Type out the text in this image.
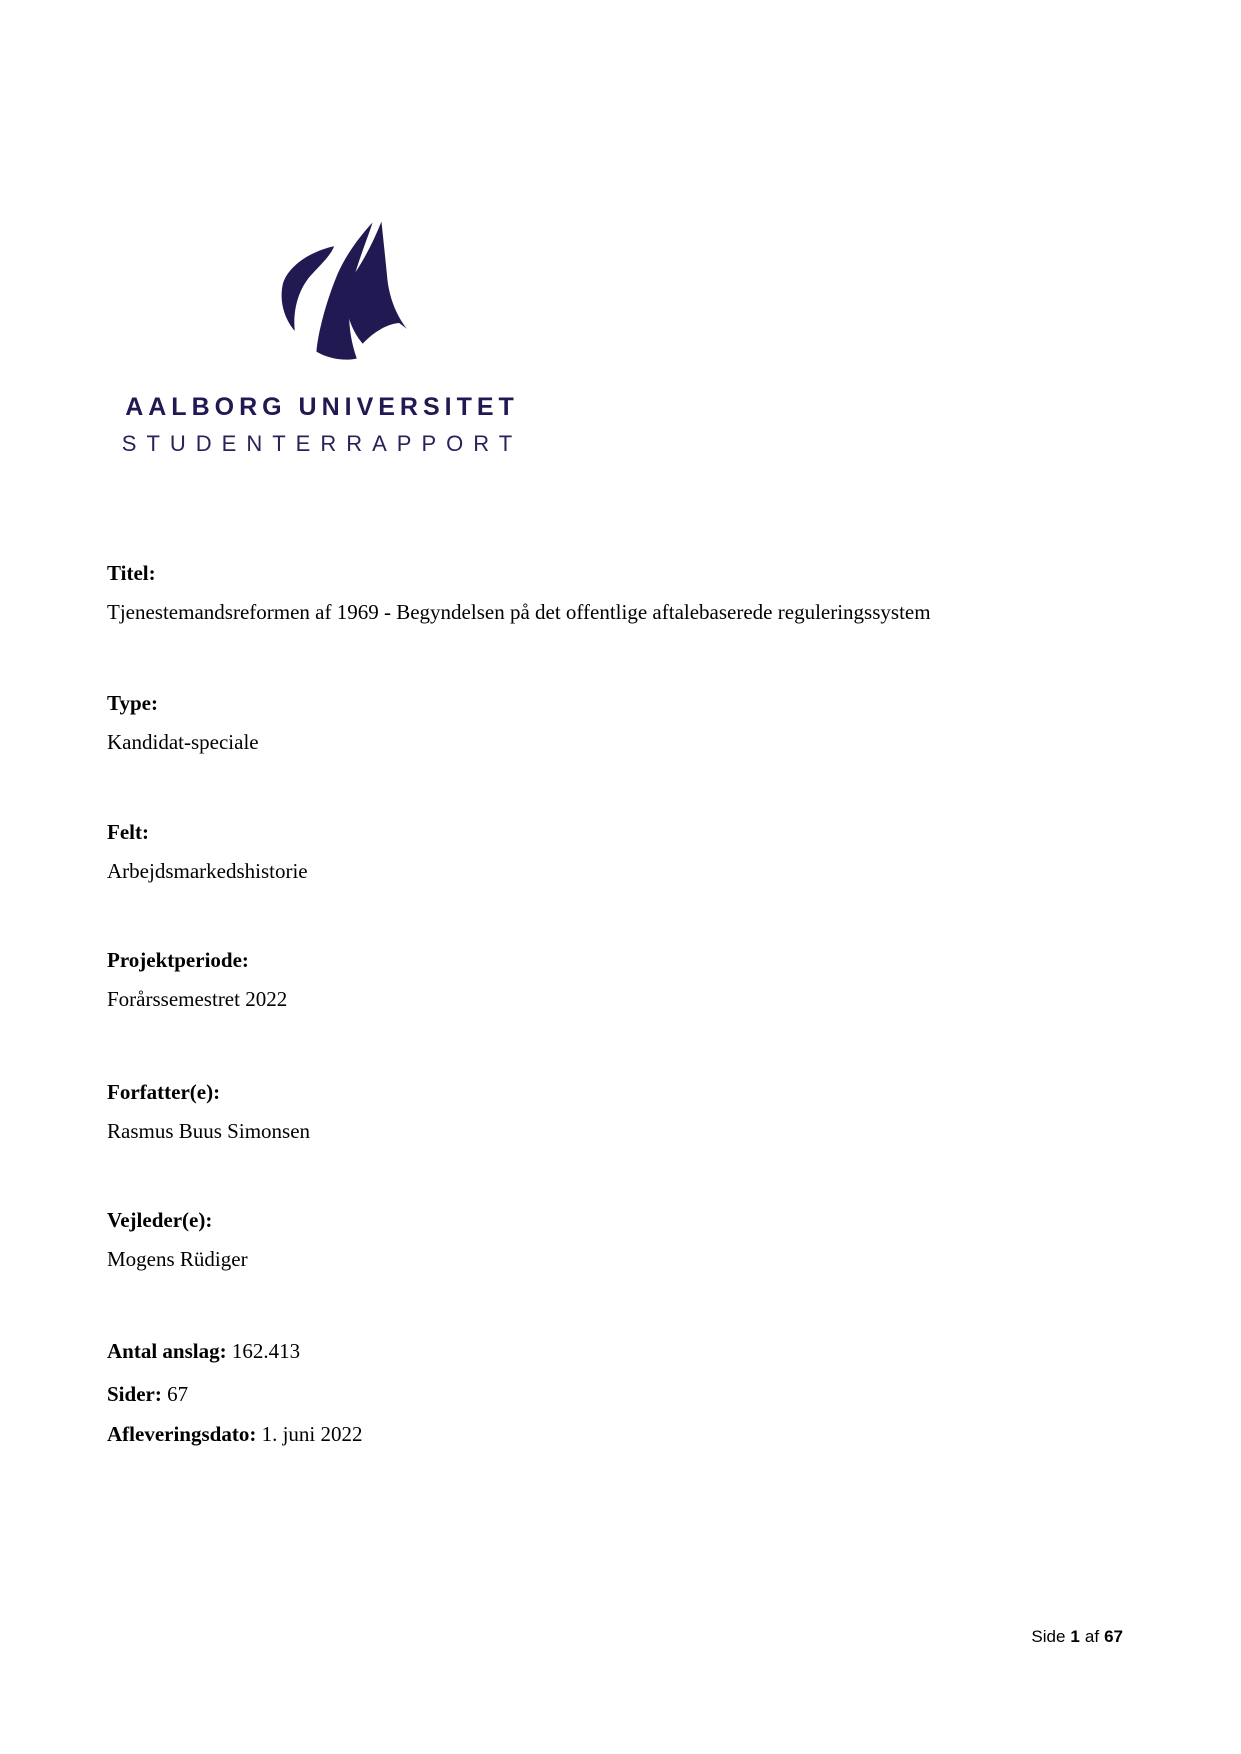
AALBORG UNIVERSITET
STUDENTERRAPPORT
Titel:
Tjenestemandsreformen af 1969 - Begyndelsen på det offentlige aftalebaserede reguleringssystem
Type:
Kandidat-speciale
Felt:
Arbejdsmarkedshistorie
Projektperiode:
Forårssemestret 2022
Forfatter(e):
Rasmus Buus Simonsen
Vejleder(e):
Mogens Rüdiger
Antal anslag: 162.413
Sider: 67
Afleveringsdato: 1. juni 2022
Side 1 af 67
